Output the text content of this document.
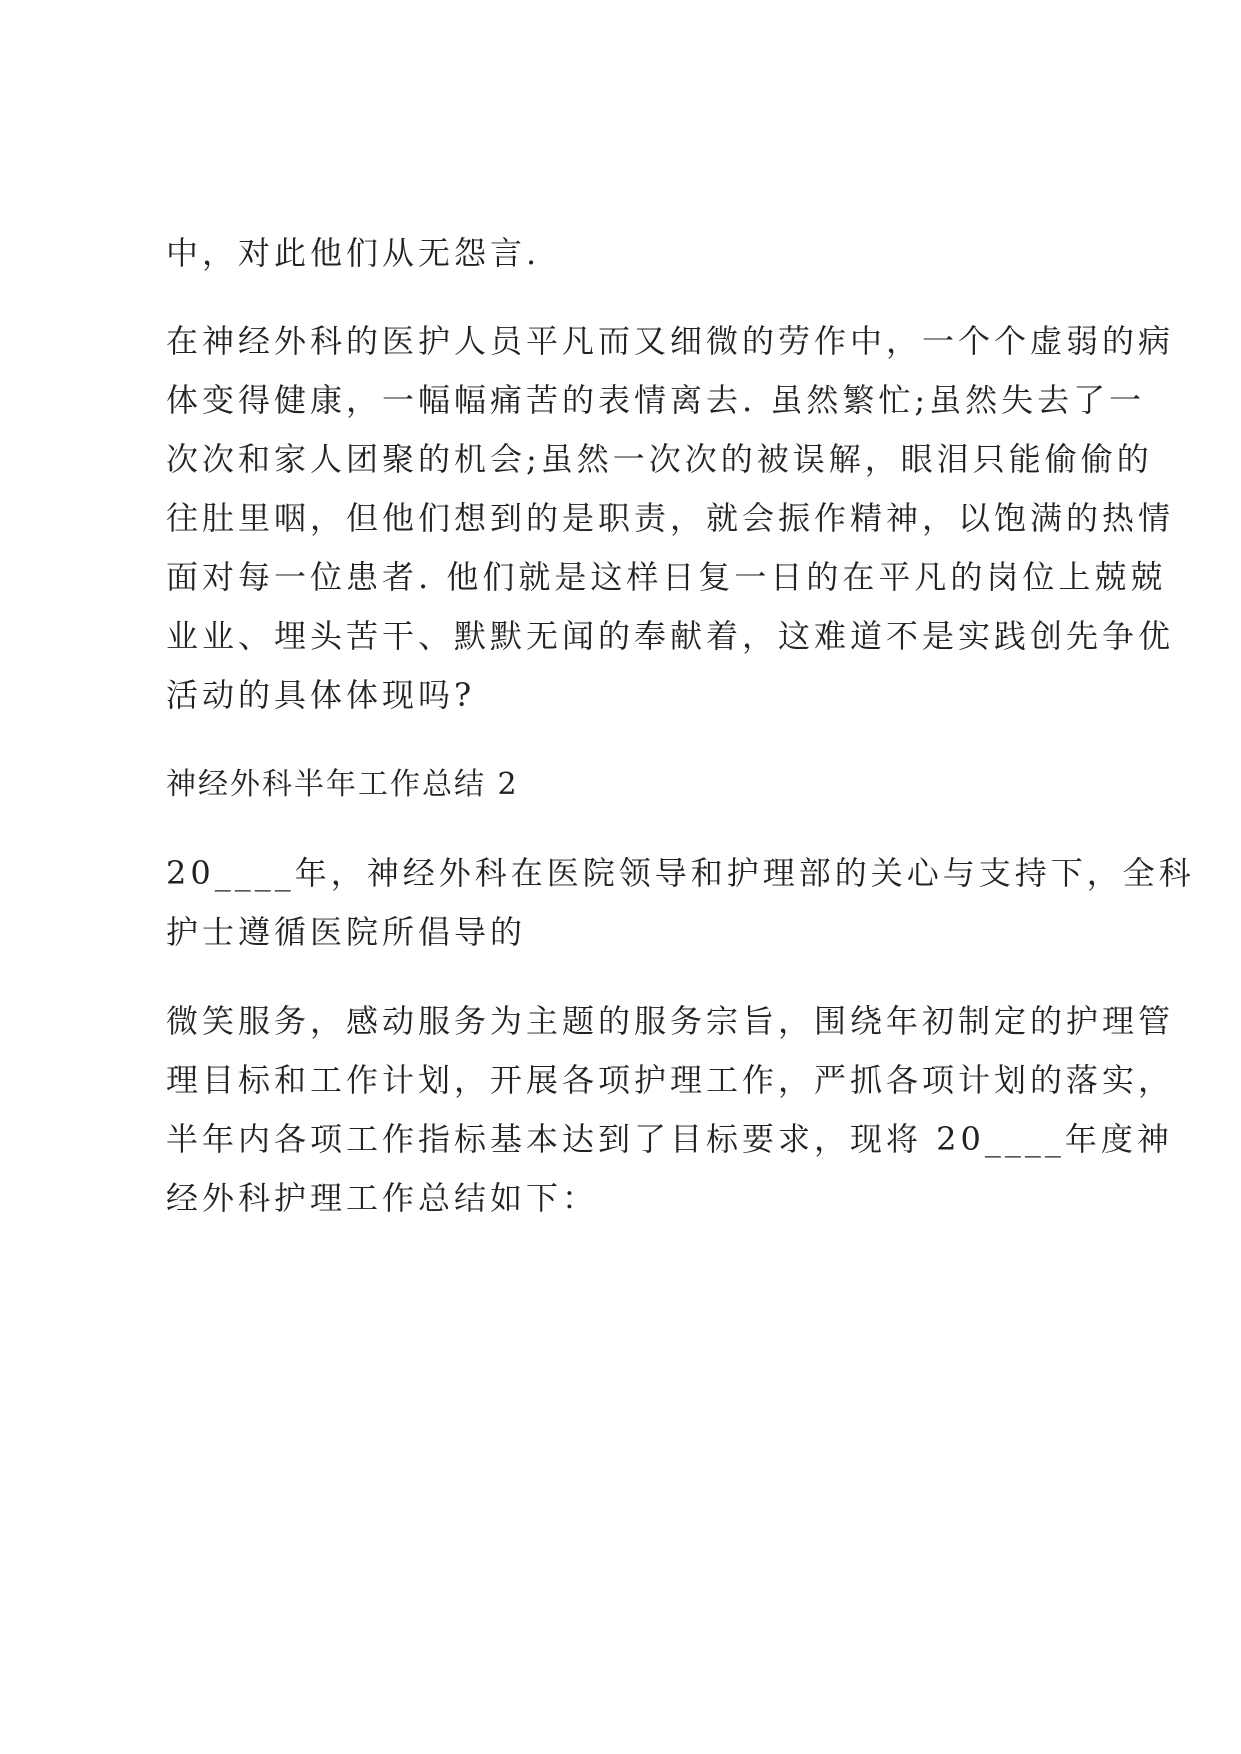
中，对此他们从无怨言.
在神经外科的医护人员平凡而又细微的劳作中，一个个虚弱的病
体变得健康，一幅幅痛苦的表情离去. 虽然繁忙;虽然失去了一
次次和家人团聚的机会;虽然一次次的被误解，眼泪只能偷偷的
往肚里咽，但他们想到的是职责，就会振作精神，以饱满的热情
面对每一位患者. 他们就是这样日复一日的在平凡的岗位上兢兢
业业、埋头苦干、默默无闻的奉献着，这难道不是实践创先争优
活动的具体体现吗?
神经外科半年工作总结 2
20____年，神经外科在医院领导和护理部的关心与支持下，全科
护士遵循医院所倡导的
微笑服务，感动服务为主题的服务宗旨，围绕年初制定的护理管
理目标和工作计划，开展各项护理工作，严抓各项计划的落实，
半年内各项工作指标基本达到了目标要求，现将 20____年度神
经外科护理工作总结如下：
